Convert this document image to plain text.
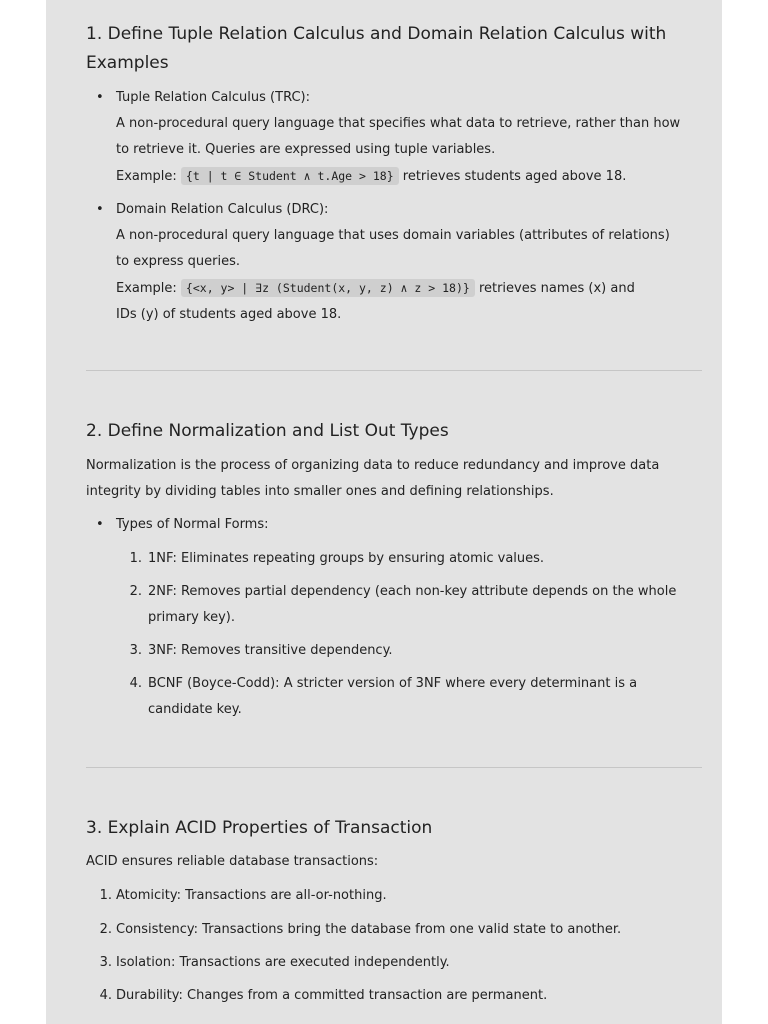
1. Define Tuple Relation Calculus and Domain Relation Calculus with
Examples
• Tuple Relation Calculus (TRC):
A non-procedural query language that specifies what data to retrieve, rather than how
to retrieve it. Queries are expressed using tuple variables.
Example: {t | t ∈ Student ∧ t.Age > 18} retrieves students aged above 18.
• Domain Relation Calculus (DRC):
A non-procedural query language that uses domain variables (attributes of relations)
to express queries.
Example: {<x, y> | ∃z (Student(x, y, z) ∧ z > 18)} retrieves names (x) and
IDs (y) of students aged above 18.
2. Define Normalization and List Out Types

Normalization is the process of organizing data to reduce redundancy and improve data
integrity by dividing tables into smaller ones and defining relationships.

• Types of Normal Forms:
1. 1NF: Eliminates repeating groups by ensuring atomic values.
2. 2NF: Removes partial dependency (each non-key attribute depends on the whole
primary key).
3. 3NF: Removes transitive dependency.
4. BCNF (Boyce-Codd): A stricter version of 3NF where every determinant is a
candidate key.
3. Explain ACID Properties of Transaction

ACID ensures reliable database transactions:

1. Atomicity: Transactions are all-or-nothing.
2. Consistency: Transactions bring the database from one valid state to another.
3. Isolation: Transactions are executed independently.
4. Durability: Changes from a committed transaction are permanent.
